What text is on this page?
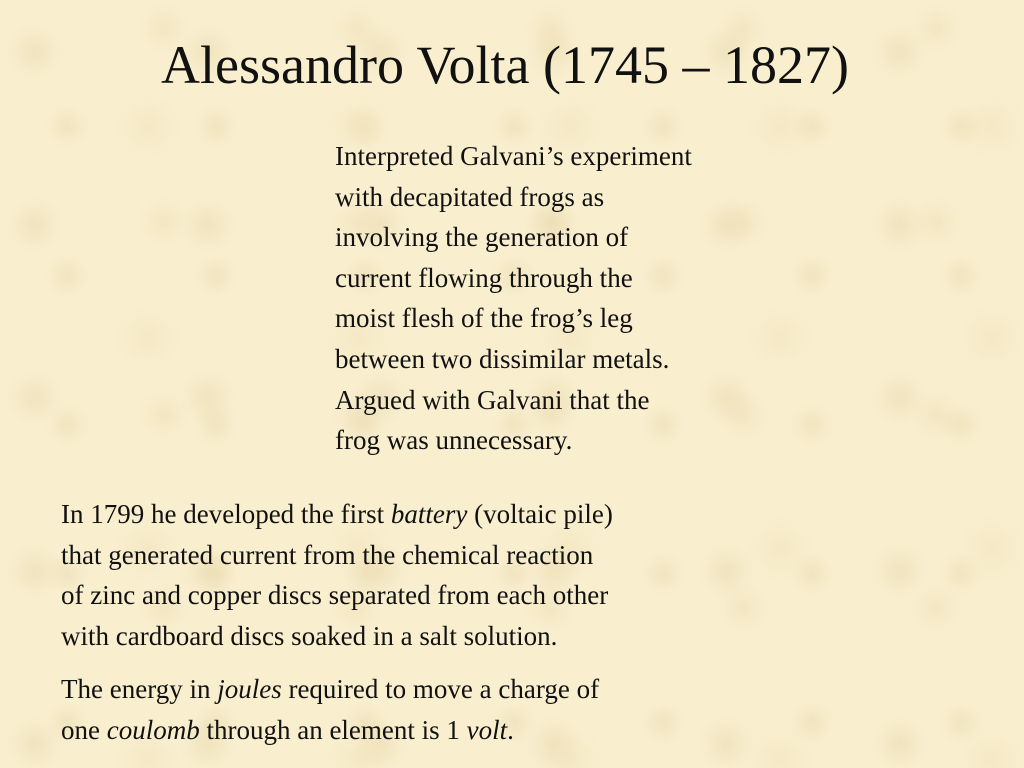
Alessandro Volta (1745 – 1827)
Interpreted Galvani’s experiment
with decapitated frogs as
involving the generation of
current flowing through the
moist flesh of the frog’s leg
between two dissimilar metals.
Argued with Galvani that the
frog was unnecessary.
In 1799 he developed the first battery (voltaic pile)
that generated current from the chemical reaction
of zinc and copper discs separated from each other
with cardboard discs soaked in a salt solution.
The energy in joules required to move a charge of
one coulomb through an element is 1 volt.
